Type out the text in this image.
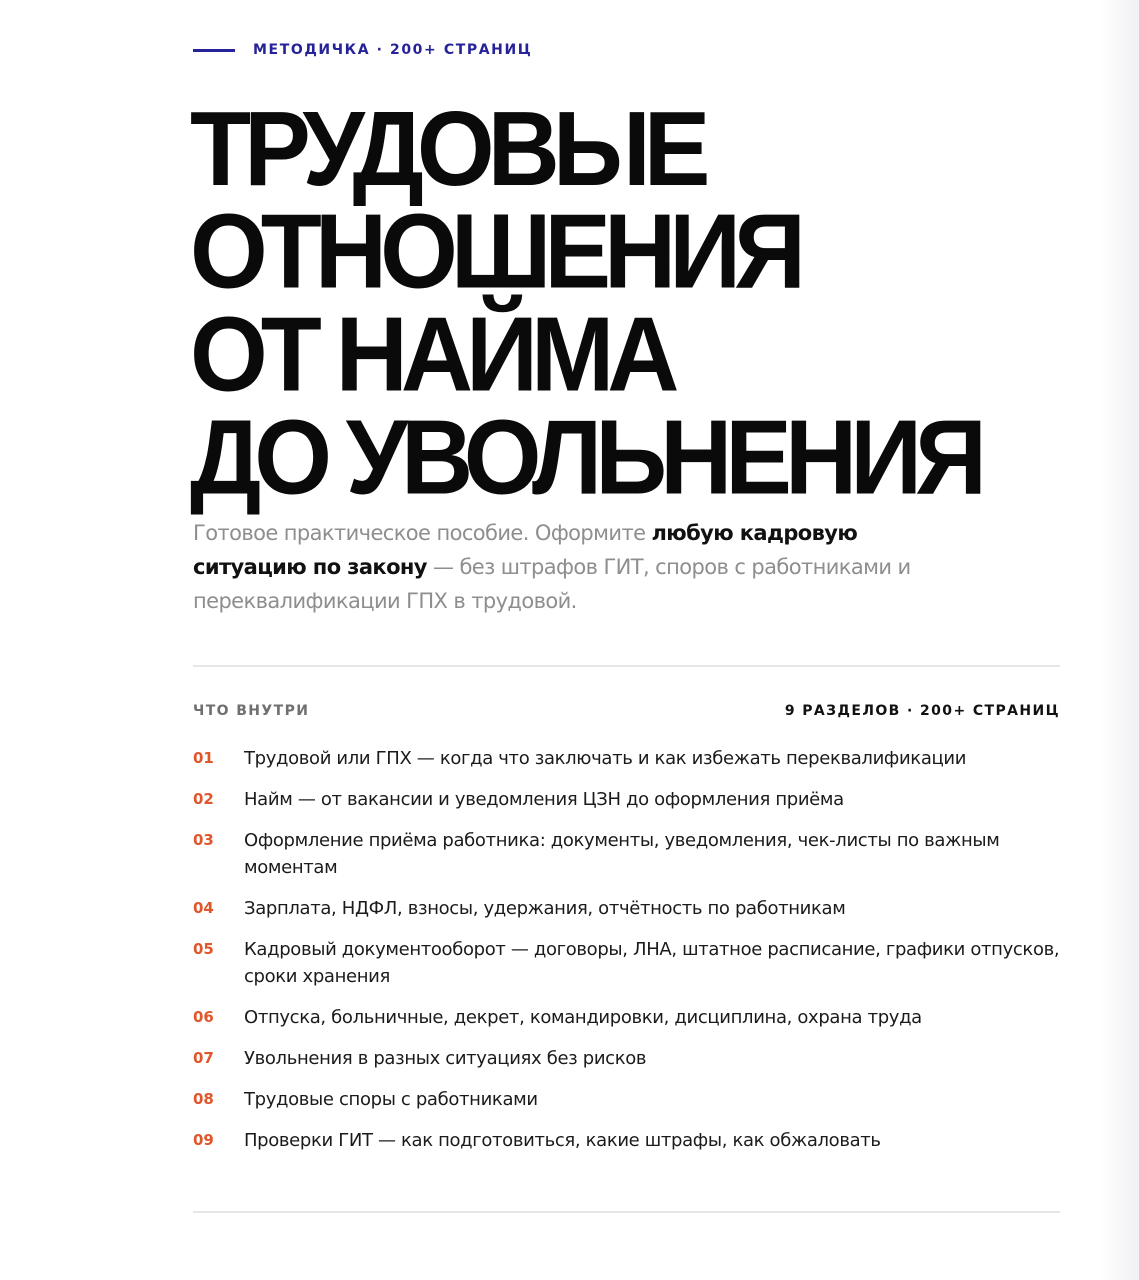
МЕТОДИЧКА · 200+ СТРАНИЦ
ТРУДОВЫЕ
ОТНОШЕНИЯ
ОТ НАЙМА
ДО УВОЛЬНЕНИЯ

Готовое практическое пособие. Оформите любую кадровую ситуацию по закону — без штрафов ГИТ, споров с работниками и переквалификации ГПХ в трудовой.

ЧТО ВНУТРИ	9 РАЗДЕЛОВ · 200+ СТРАНИЦ
01	Трудовой или ГПХ — когда что заключать и как избежать переквалификации
02	Найм — от вакансии и уведомления ЦЗН до оформления приёма
03	Оформление приёма работника: документы, уведомления, чек-листы по важным моментам
04	Зарплата, НДФЛ, взносы, удержания, отчётность по работникам
05	Кадровый документооборот — договоры, ЛНА, штатное расписание, графики отпусков, сроки хранения
06	Отпуска, больничные, декрет, командировки, дисциплина, охрана труда
07	Увольнения в разных ситуациях без рисков
08	Трудовые споры с работниками
09	Проверки ГИТ — как подготовиться, какие штрафы, как обжаловать
